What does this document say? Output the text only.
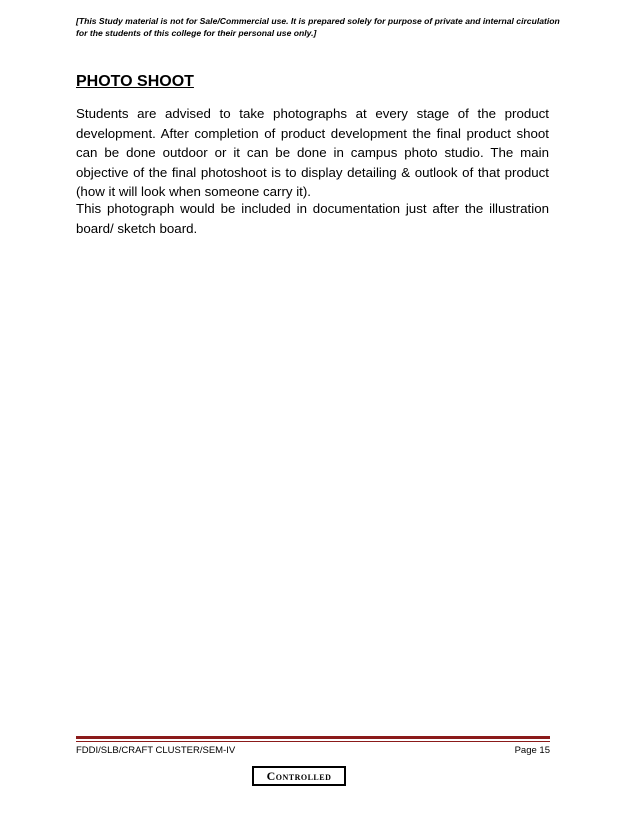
[This Study material is not for Sale/Commercial use. It is prepared solely for purpose of private and internal circulation for the students of this college for their personal use only.]
PHOTO SHOOT

Students are advised to take photographs at every stage of the product development. After completion of product development the final product shoot can be done outdoor or it can be done in campus photo studio. The main objective of the final photoshoot is to display detailing & outlook of that product (how it will look when someone carry it).

This photograph would be included in documentation just after the illustration board/ sketch board.

FDDI/SLB/CRAFT CLUSTER/SEM-IV	Page 15
Controlled
